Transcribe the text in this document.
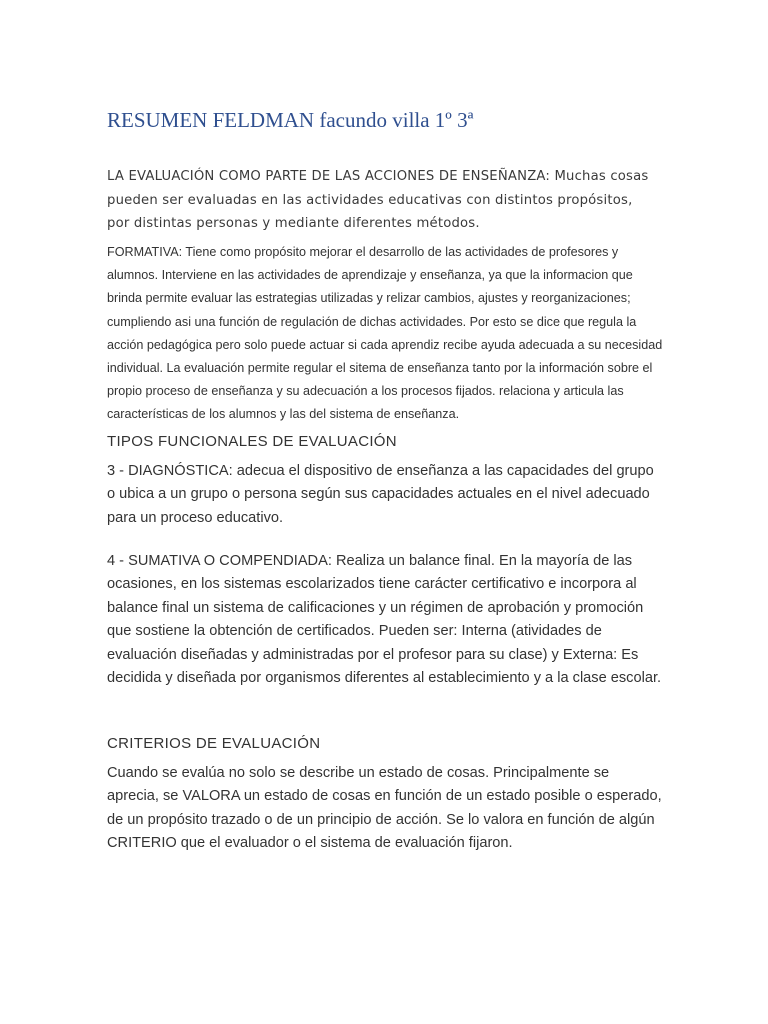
RESUMEN FELDMAN facundo villa 1º 3ª
LA EVALUACIÓN COMO PARTE DE LAS ACCIONES DE ENSEÑANZA: Muchas cosas pueden ser evaluadas en las actividades educativas con distintos propósitos, por distintas personas y mediante diferentes métodos.
FORMATIVA: Tiene como propósito mejorar el desarrollo de las actividades de profesores y alumnos. Interviene en las actividades de aprendizaje y enseñanza, ya que la informacion que brinda permite evaluar las estrategias utilizadas y relizar cambios, ajustes y reorganizaciones; cumpliendo asi una función de regulación de dichas actividades. Por esto se dice que regula la acción pedagógica pero solo puede actuar si cada aprendiz recibe ayuda adecuada a su necesidad individual. La evaluación permite regular el sitema de enseñanza tanto por la información sobre el propio proceso de enseñanza y su adecuación a los procesos fijados. relaciona y articula las características de los alumnos y las del sistema de enseñanza.
TIPOS FUNCIONALES DE EVALUACIÓN
3 - DIAGNÓSTICA: adecua el dispositivo de enseñanza a las capacidades del grupo o ubica a un grupo o persona según sus capacidades actuales en el nivel adecuado para un proceso educativo.
4 - SUMATIVA O COMPENDIADA: Realiza un balance final. En la mayoría de las ocasiones, en los sistemas escolarizados tiene carácter certificativo e incorpora al balance final un sistema de calificaciones y un régimen de aprobación y promoción que sostiene la obtención de certificados. Pueden ser: Interna (atividades de evaluación diseñadas y administradas por el profesor para su clase) y Externa: Es decidida y diseñada por organismos diferentes al establecimiento y a la clase escolar.
CRITERIOS DE EVALUACIÓN
Cuando se evalúa no solo se describe un estado de cosas. Principalmente se aprecia, se VALORA un estado de cosas en función de un estado posible o esperado, de un propósito trazado o de un principio de acción. Se lo valora en función de algún CRITERIO que el evaluador o el sistema de evaluación fijaron.
